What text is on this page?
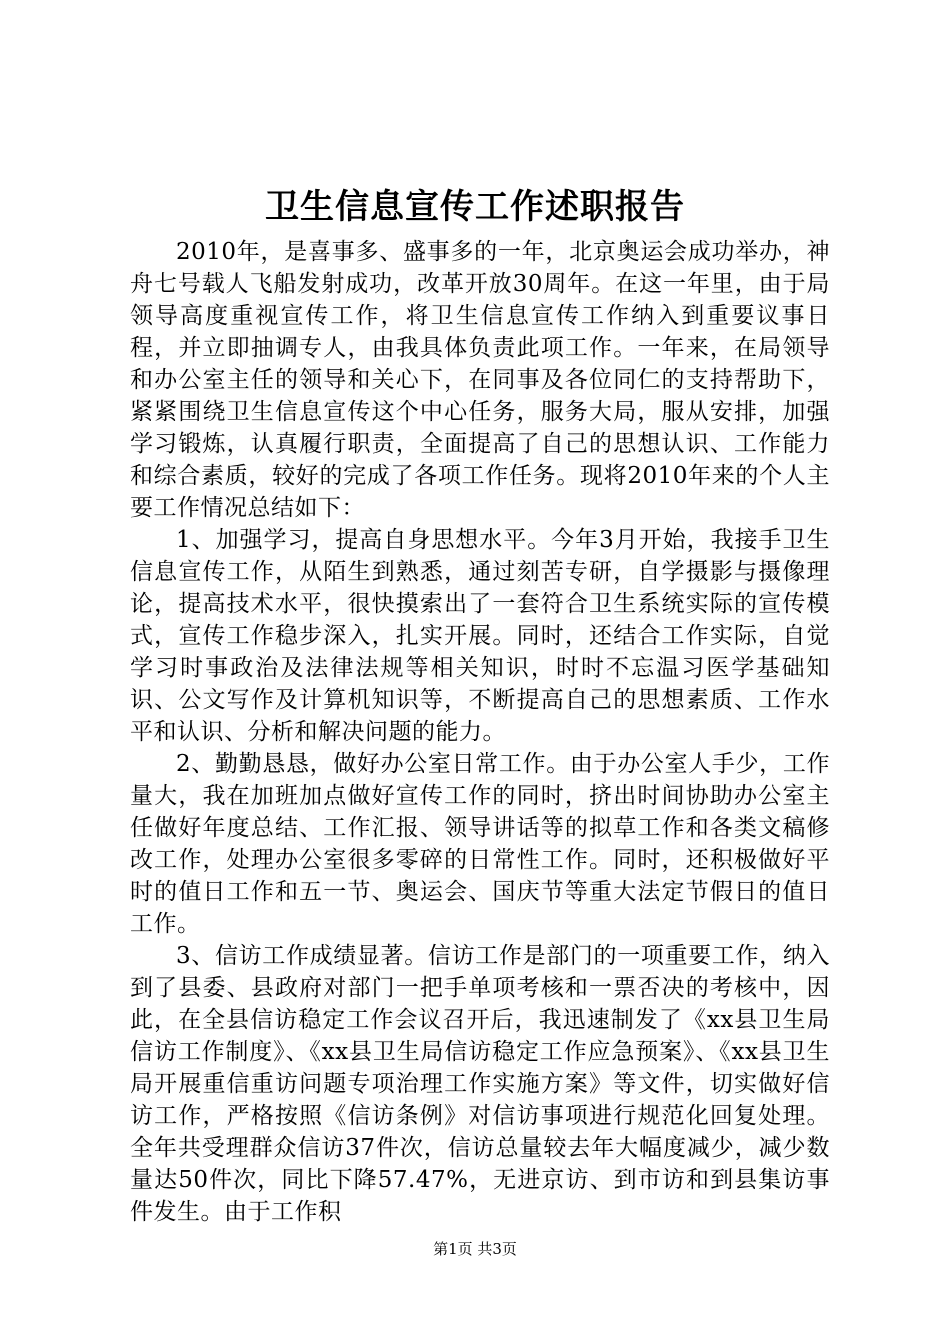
卫生信息宣传工作述职报告

2010年，是喜事多、盛事多的一年，北京奥运会成功举办，神舟七号载人飞船发射成功，改革开放30周年。在这一年里，由于局领导高度重视宣传工作，将卫生信息宣传工作纳入到重要议事日程，并立即抽调专人，由我具体负责此项工作。一年来，在局领导和办公室主任的领导和关心下，在同事及各位同仁的支持帮助下，紧紧围绕卫生信息宣传这个中心任务，服务大局，服从安排，加强学习锻炼，认真履行职责，全面提高了自己的思想认识、工作能力和综合素质，较好的完成了各项工作任务。现将2010年来的个人主要工作情况总结如下：

1、加强学习，提高自身思想水平。今年3月开始，我接手卫生信息宣传工作，从陌生到熟悉，通过刻苦专研，自学摄影与摄像理论，提高技术水平，很快摸索出了一套符合卫生系统实际的宣传模式，宣传工作稳步深入，扎实开展。同时，还结合工作实际，自觉学习时事政治及法律法规等相关知识，时时不忘温习医学基础知识、公文写作及计算机知识等，不断提高自己的思想素质、工作水平和认识、分析和解决问题的能力。

2、勤勤恳恳，做好办公室日常工作。由于办公室人手少，工作量大，我在加班加点做好宣传工作的同时，挤出时间协助办公室主任做好年度总结、工作汇报、领导讲话等的拟草工作和各类文稿修改工作，处理办公室很多零碎的日常性工作。同时，还积极做好平时的值日工作和五一节、奥运会、国庆节等重大法定节假日的值日工作。

3、信访工作成绩显著。信访工作是部门的一项重要工作，纳入到了县委、县政府对部门一把手单项考核和一票否决的考核中，因此，在全县信访稳定工作会议召开后，我迅速制发了《xx县卫生局信访工作制度》、《xx县卫生局信访稳定工作应急预案》、《xx县卫生局开展重信重访问题专项治理工作实施方案》等文件，切实做好信访工作，严格按照《信访条例》对信访事项进行规范化回复处理。全年共受理群众信访37件次，信访总量较去年大幅度减少，减少数量达50件次，同比下降57.47%，无进京访、到市访和到县集访事件发生。由于工作积

第1页 共3页
